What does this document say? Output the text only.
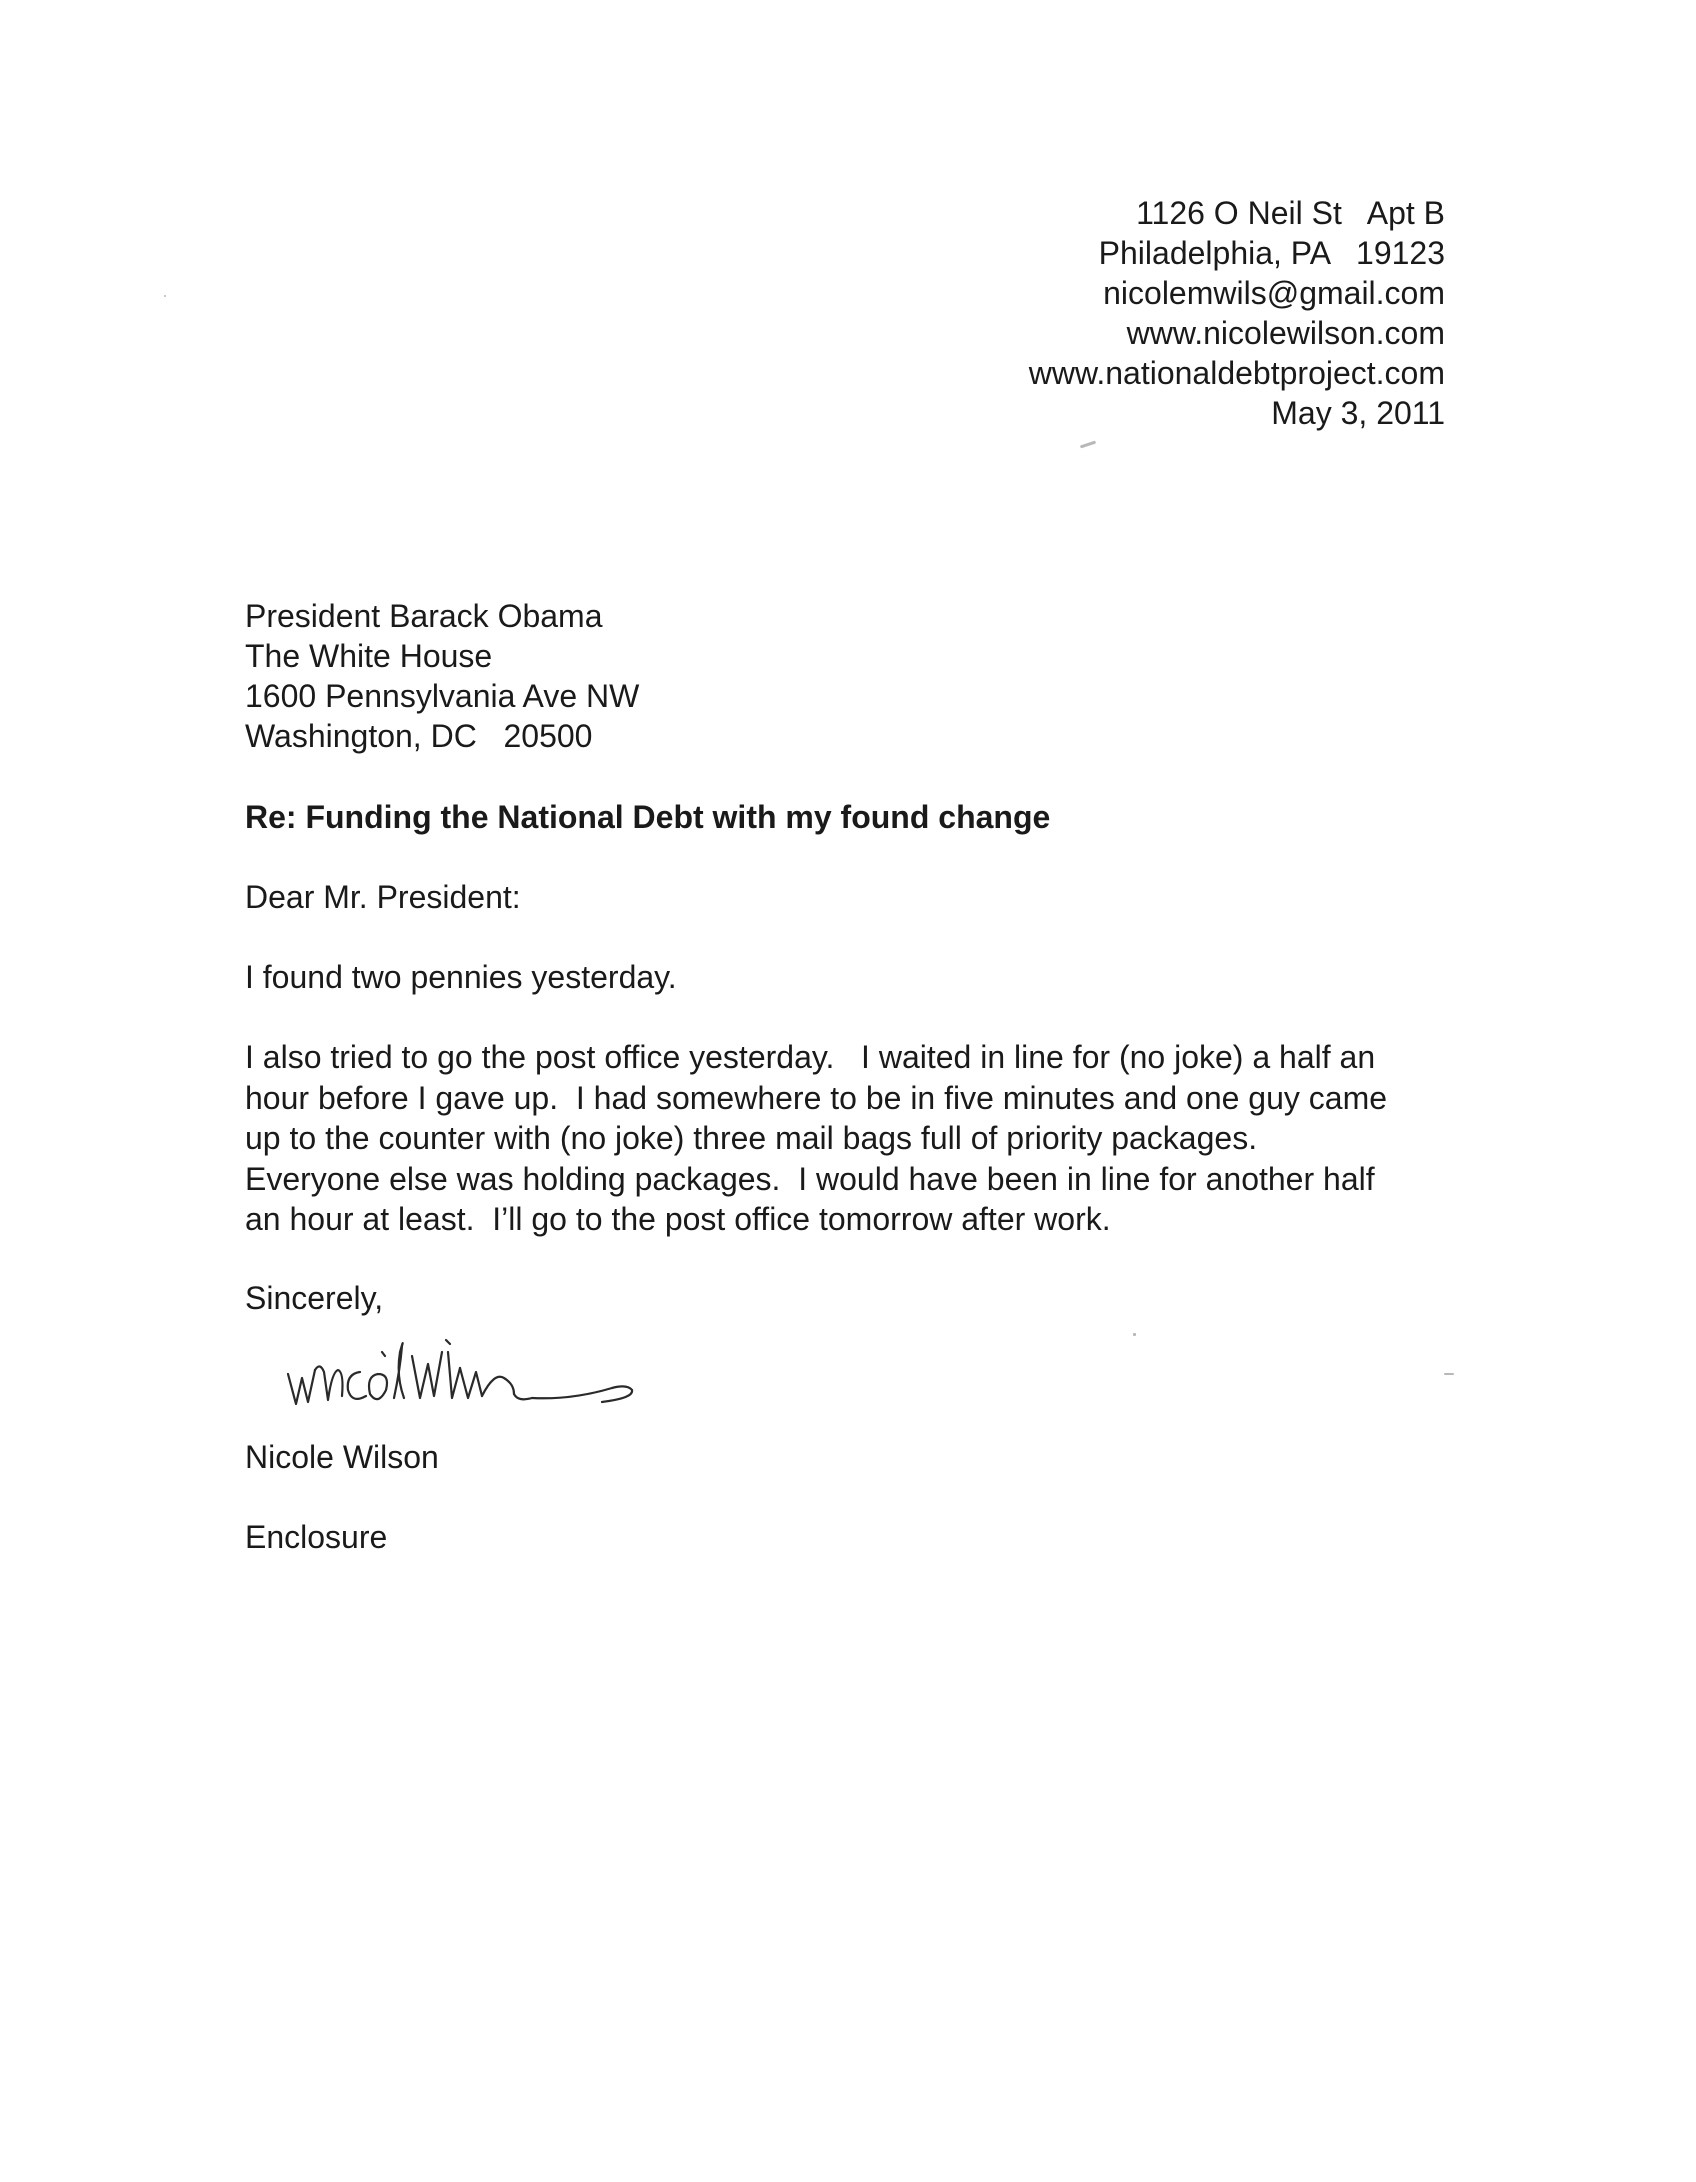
1126 O Neil St   Apt B
Philadelphia, PA   19123
nicolemwils@gmail.com
www.nicolewilson.com
www.nationaldebtproject.com
May 3, 2011
President Barack Obama
The White House
1600 Pennsylvania Ave NW
Washington, DC   20500
Re: Funding the National Debt with my found change
Dear Mr. President:
I found two pennies yesterday.
I also tried to go the post office yesterday.   I waited in line for (no joke) a half an
hour before I gave up.  I had somewhere to be in five minutes and one guy came
up to the counter with (no joke) three mail bags full of priority packages.
Everyone else was holding packages.  I would have been in line for another half
an hour at least.  I’ll go to the post office tomorrow after work.
Sincerely,
Nicole Wilson
Enclosure
